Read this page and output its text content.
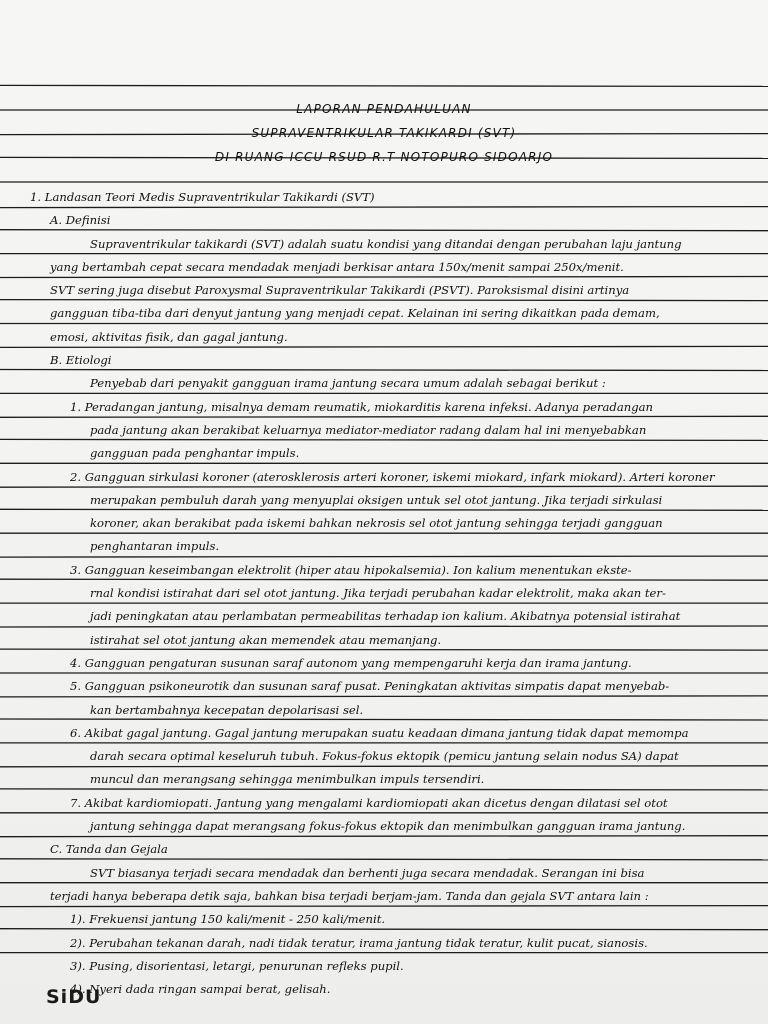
LAPORAN PENDAHULUAN
SUPRAVENTRIKULAR TAKIKARDI (SVT)
DI RUANG ICCU RSUD R.T NOTOPURO SIDOARJO
1. Landasan Teori Medis Supraventrikular Takikardi (SVT)
A. Definisi
Supraventrikular takikardi (SVT) adalah suatu kondisi yang ditandai dengan perubahan laju jantung
yang bertambah cepat secara mendadak menjadi berkisar antara 150x/menit sampai 250x/menit.
SVT sering juga disebut Paroxysmal Supraventrikular Takikardi (PSVT). Paroksismal disini artinya
gangguan tiba-tiba dari denyut jantung yang menjadi cepat. Kelainan ini sering dikaitkan pada demam,
emosi, aktivitas fisik, dan gagal jantung.
B. Etiologi
Penyebab dari penyakit gangguan irama jantung secara umum adalah sebagai berikut :
1. Peradangan jantung, misalnya demam reumatik, miokarditis karena infeksi. Adanya peradangan
pada jantung akan berakibat keluarnya mediator-mediator radang dalam hal ini menyebabkan
gangguan pada penghantar impuls.
2. Gangguan sirkulasi koroner (aterosklerosis arteri koroner, iskemi miokard, infark miokard). Arteri koroner
merupakan pembuluh darah yang menyuplai oksigen untuk sel otot jantung. Jika terjadi sirkulasi
koroner, akan berakibat pada iskemi bahkan nekrosis sel otot jantung sehingga terjadi gangguan
penghantaran impuls.
3. Gangguan keseimbangan elektrolit (hiper atau hipokalsemia). Ion kalium menentukan ekste-
rnal kondisi istirahat dari sel otot jantung. Jika terjadi perubahan kadar elektrolit, maka akan ter-
jadi peningkatan atau perlambatan permeabilitas terhadap ion kalium. Akibatnya potensial istirahat
istirahat sel otot jantung akan memendek atau memanjang.
4. Gangguan pengaturan susunan saraf autonom yang mempengaruhi kerja dan irama jantung.
5. Gangguan psikoneurotik dan susunan saraf pusat. Peningkatan aktivitas simpatis dapat menyebab-
kan bertambahnya kecepatan depolarisasi sel.
6. Akibat gagal jantung. Gagal jantung merupakan suatu keadaan dimana jantung tidak dapat memompa
darah secara optimal keseluruh tubuh. Fokus-fokus ektopik (pemicu jantung selain nodus SA) dapat
muncul dan merangsang sehingga menimbulkan impuls tersendiri.
7. Akibat kardiomiopati. Jantung yang mengalami kardiomiopati akan dicetus dengan dilatasi sel otot
jantung sehingga dapat merangsang fokus-fokus ektopik dan menimbulkan gangguan irama jantung.
C. Tanda dan Gejala
SVT biasanya terjadi secara mendadak dan berhenti juga secara mendadak. Serangan ini bisa
terjadi hanya beberapa detik saja, bahkan bisa terjadi berjam-jam. Tanda dan gejala SVT antara lain :
1). Frekuensi jantung 150 kali/menit - 250 kali/menit.
2). Perubahan tekanan darah, nadi tidak teratur, irama jantung tidak teratur, kulit pucat, sianosis.
3). Pusing, disorientasi, letargi, penurunan refleks pupil.
4). Nyeri dada ringan sampai berat, gelisah.
SiDU
